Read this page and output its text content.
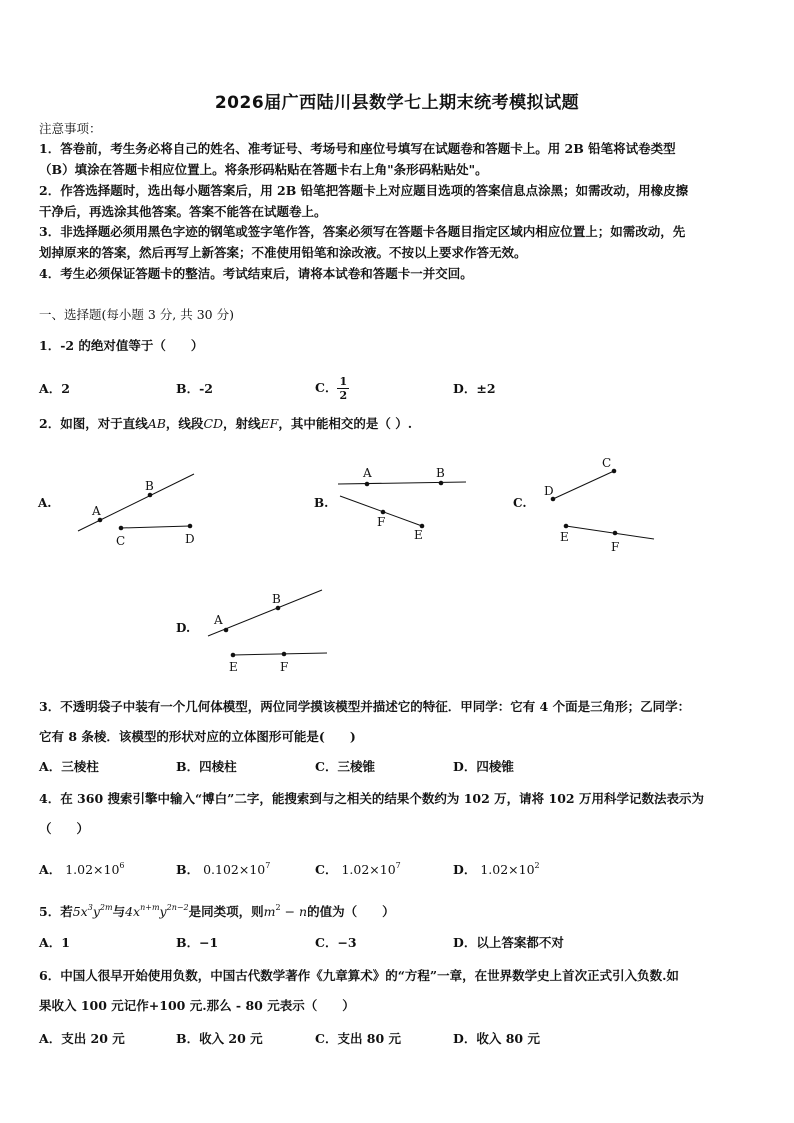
2026届广西陆川县数学七上期末统考模拟试题
注意事项：
1．答卷前，考生务必将自己的姓名、准考证号、考场号和座位号填写在试题卷和答题卡上。用 2B 铅笔将试卷类型
（B）填涂在答题卡相应位置上。将条形码粘贴在答题卡右上角"条形码粘贴处"。
2．作答选择题时，选出每小题答案后，用 2B 铅笔把答题卡上对应题目选项的答案信息点涂黑；如需改动，用橡皮擦
干净后，再选涂其他答案。答案不能答在试题卷上。
3．非选择题必须用黑色字迹的钢笔或签字笔作答，答案必须写在答题卡各题目指定区域内相应位置上；如需改动，先
划掉原来的答案，然后再写上新答案；不准使用铅笔和涂改液。不按以上要求作答无效。
4．考生必须保证答题卡的整洁。考试结束后，请将本试卷和答题卡一并交回。
一、选择题(每小题 3 分, 共 30 分)
1．-2 的绝对值等于（　　）
A．2	B．-2	C． $\frac{1}{2}$	D．±2
2．如图，对于直线AB，线段CD，射线EF，其中能相交的是（ ）.
A.
A
B
C	D
B.
A	B
F
E
C.
D
C
E
F
D.
A
B
E	F
3．不透明袋子中装有一个几何体模型，两位同学摸该模型并描述它的特征．甲同学：它有 4 个面是三角形；乙同学：
它有 8 条棱．该模型的形状对应的立体图形可能是(　　)
A．三棱柱	B．四棱柱	C．三棱锥	D．四棱锥
4．在 360 搜索引擎中输入“博白”二字，能搜索到与之相关的结果个数约为 102 万，请将 102 万用科学记数法表示为
（　　）
A． $1.02\times 10^6$	B． $0.102\times 10^7$	C． $1.02\times 10^7$	D． $1.02\times 10^2$
5．若$5x^3y^{2m}$与$4x^{n+m}y^{2n-2}$是同类项，则$m^2 - n$的值为（　　）
A．1	B．−1	C．−3	D．以上答案都不对
6．中国人很早开始使用负数，中国古代数学著作《九章算术》的“方程”一章，在世界数学史上首次正式引入负数.如
果收入 100 元记作+100 元.那么 - 80 元表示（　　）
A．支出 20 元	B．收入 20 元	C．支出 80 元	D．收入 80 元
